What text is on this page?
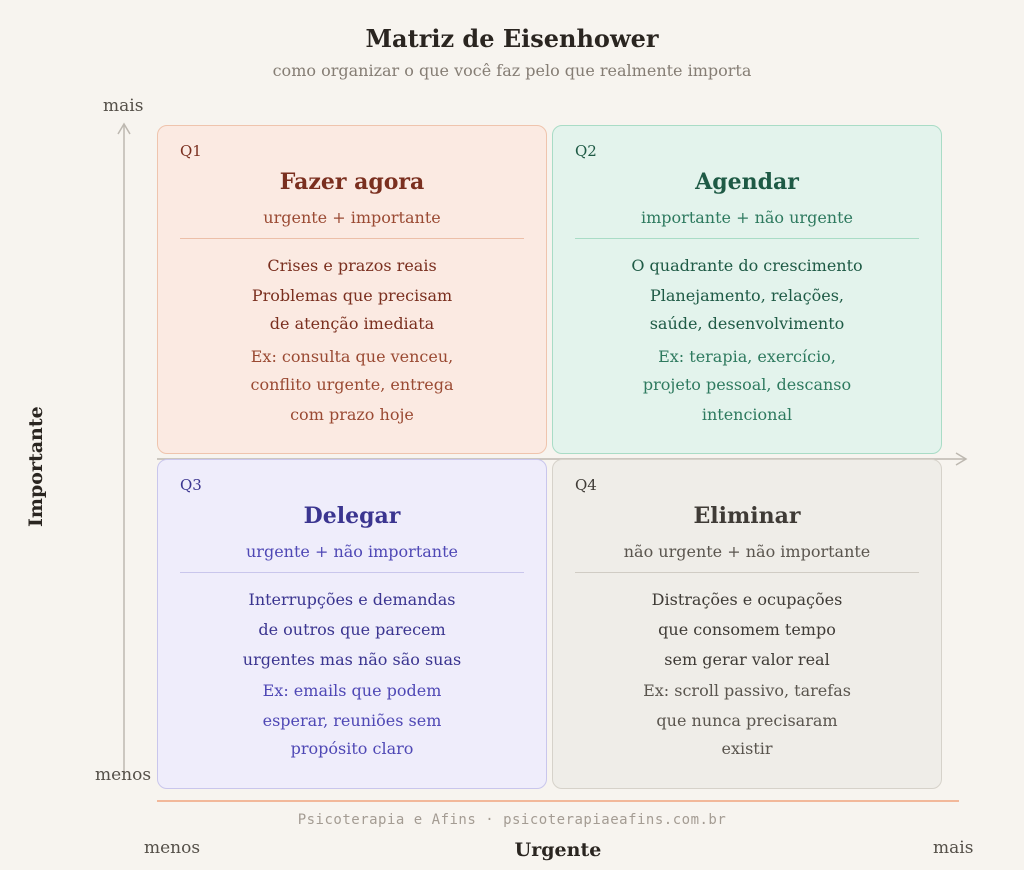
Matriz de Eisenhower
como organizar o que você faz pelo que realmente importa
mais
menos
Importante
Q1
Fazer agora
urgente + importante
Crises e prazos reais
Problemas que precisam
de atenção imediata
Ex: consulta que venceu,
conflito urgente, entrega
com prazo hoje
Q2
Agendar
importante + não urgente
O quadrante do crescimento
Planejamento, relações,
saúde, desenvolvimento
Ex: terapia, exercício,
projeto pessoal, descanso
intencional
Q3
Delegar
urgente + não importante
Interrupções e demandas
de outros que parecem
urgentes mas não são suas
Ex: emails que podem
esperar, reuniões sem
propósito claro
Q4
Eliminar
não urgente + não importante
Distrações e ocupações
que consomem tempo
sem gerar valor real
Ex: scroll passivo, tarefas
que nunca precisaram
existir
Psicoterapia e Afins · psicoterapiaeafins.com.br
menos	Urgente	mais
